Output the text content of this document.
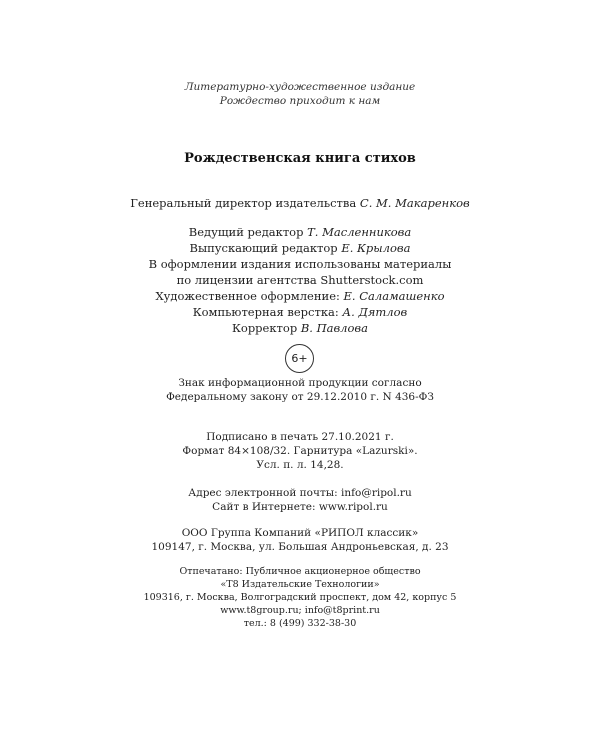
Литературно-художественное издание
Рождество приходит к нам
Рождественская книга стихов
Генеральный директор издательства С. М. Макаренков
Ведущий редактор Т. Масленникова
Выпускающий редактор Е. Крылова
В оформлении издания использованы материалы
по лицензии агентства Shutterstock.com
Художественное оформление: Е. Саламашенко
Компьютерная верстка: А. Дятлов
Корректор В. Павлова
6+
Знак информационной продукции согласно
Федеральному закону от 29.12.2010 г. N 436-ФЗ
Подписано в печать 27.10.2021 г.
Формат 84×108/32. Гарнитура «Lazurski».
Усл. п. л. 14,28.
Адрес электронной почты: info@ripol.ru
Сайт в Интернете: www.ripol.ru
ООО Группа Компаний «РИПОЛ классик»
109147, г. Москва, ул. Большая Андроньевская, д. 23
Отпечатано: Публичное акционерное общество
«Т8 Издательские Технологии»
109316, г. Москва, Волгоградский проспект, дом 42, корпус 5
www.t8group.ru; info@t8print.ru
тел.: 8 (499) 332-38-30
